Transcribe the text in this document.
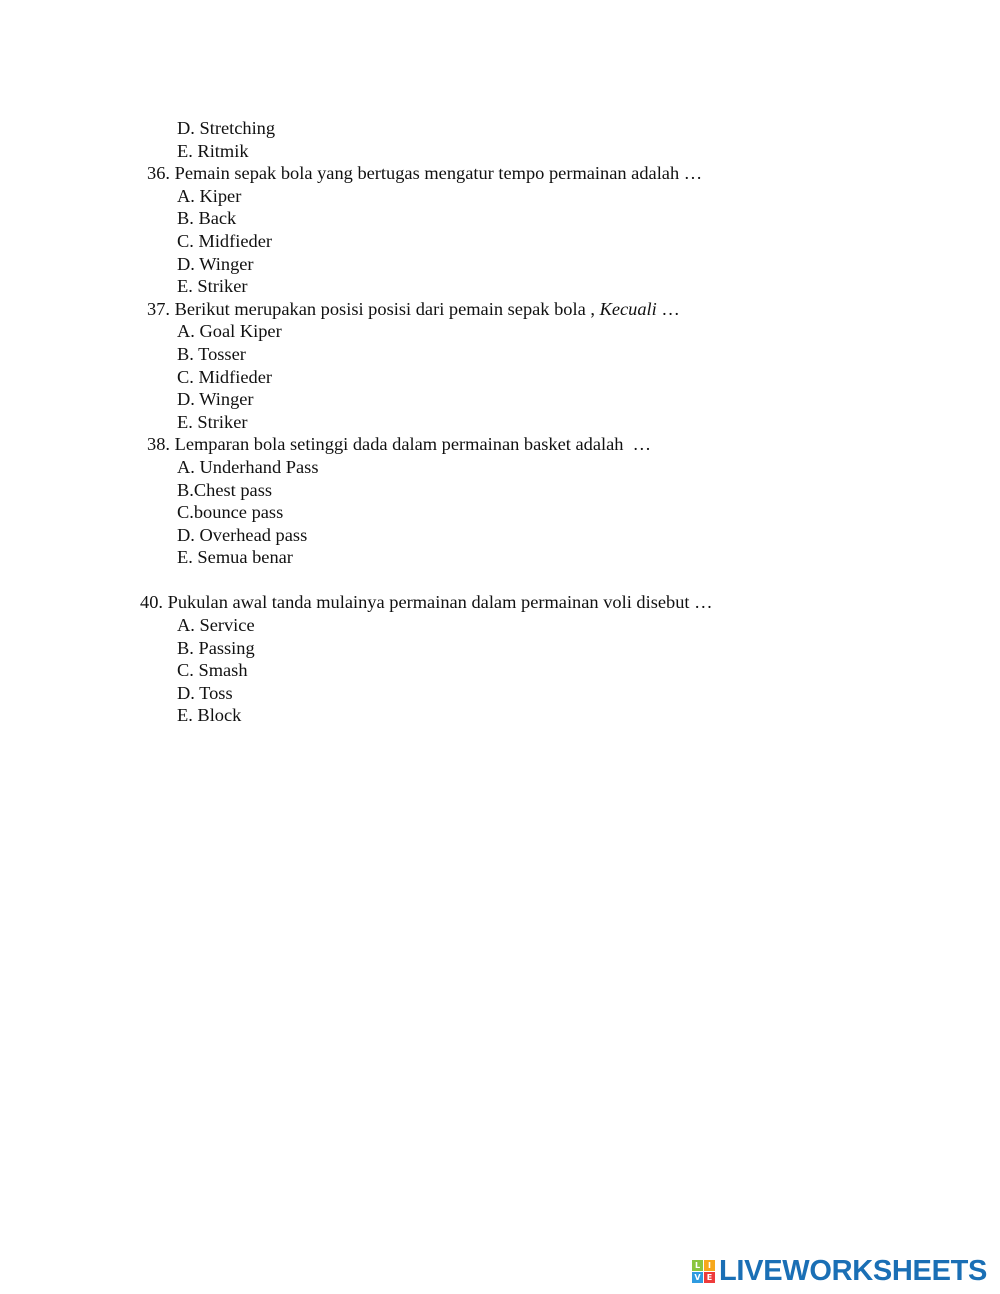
D. Stretching
E. Ritmik
36. Pemain sepak bola yang bertugas mengatur tempo permainan adalah …
A. Kiper
B. Back
C. Midfieder
D. Winger
E. Striker
37. Berikut merupakan posisi posisi dari pemain sepak bola , Kecuali …
A. Goal Kiper
B. Tosser
C. Midfieder
D. Winger
E. Striker
38. Lemparan bola setinggi dada dalam permainan basket adalah  …
A. Underhand Pass
B.Chest pass
C.bounce pass
D. Overhead pass
E. Semua benar
40. Pukulan awal tanda mulainya permainan dalam permainan voli disebut …
A. Service
B. Passing
C. Smash
D. Toss
E. Block
L I
V E LIVEWORKSHEETS
